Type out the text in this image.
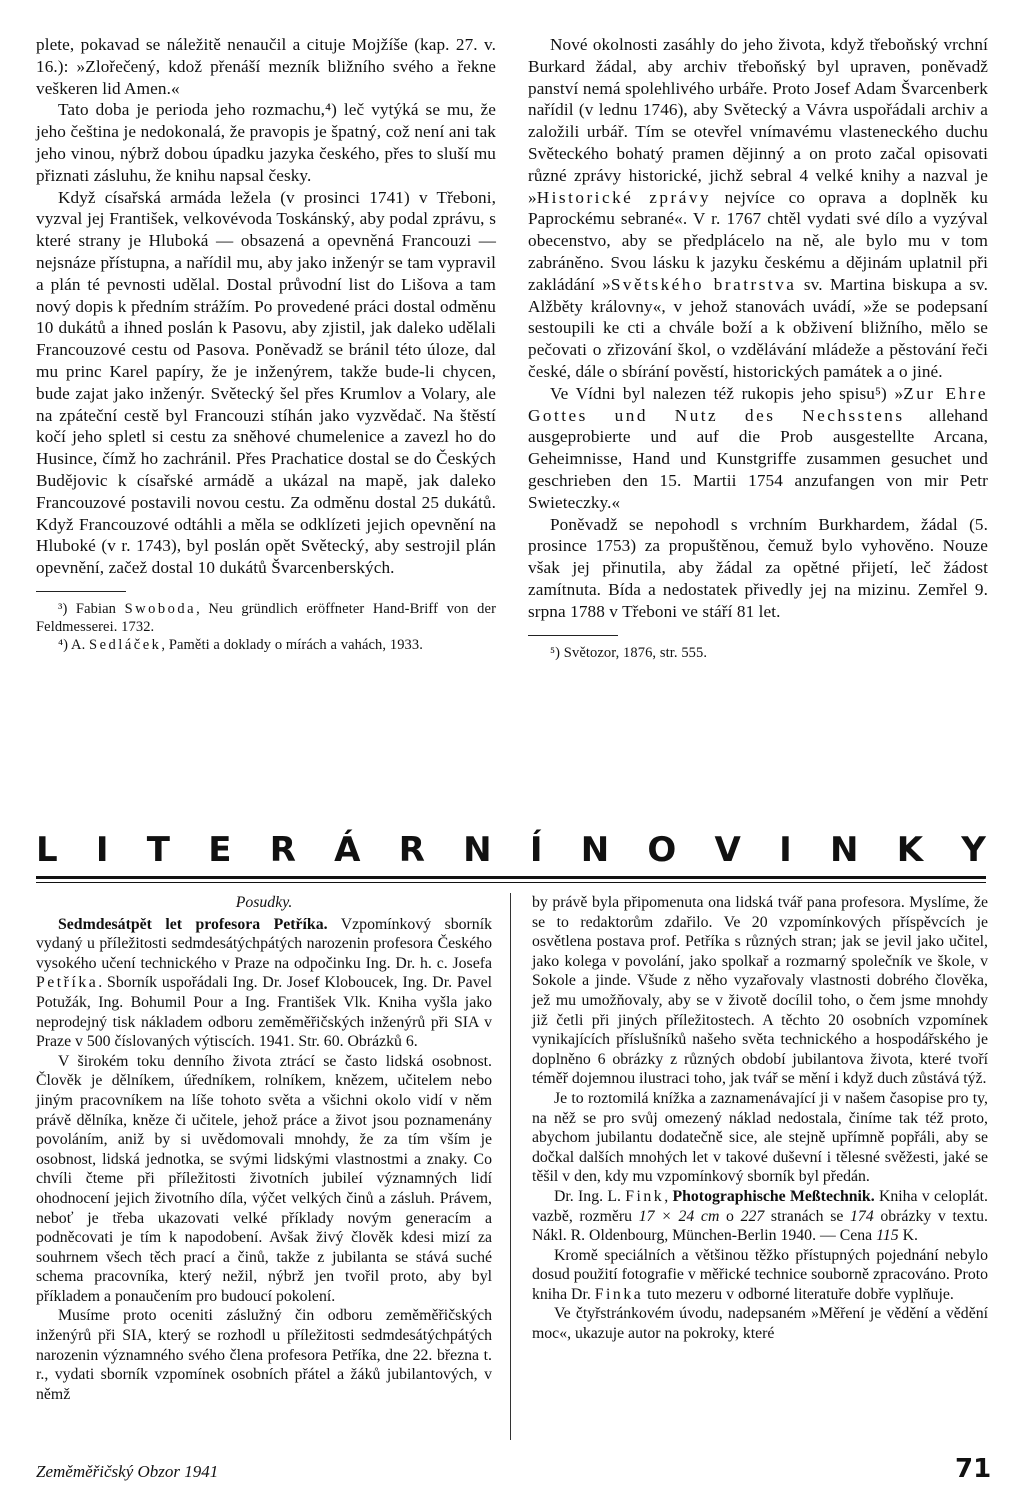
plete, pokavad se náležitě nenaučil a cituje Mojžíše (kap. 27. v. 16.): »Zlořečený, kdož přenáší mezník bližního svého a řekne veškeren lid Amen.«

Tato doba je perioda jeho rozmachu,⁴) leč vytýká se mu, že jeho čeština je nedokonalá, že pravopis je špatný, což není ani tak jeho vinou, nýbrž dobou úpadku jazyka českého, přes to sluší mu přiznati zásluhu, že knihu napsal česky.

Když císařská armáda ležela (v prosinci 1741) v Třeboni, vyzval jej František, velkovévoda Toskánský, aby podal zprávu, s které strany je Hluboká — obsazená a opevněná Francouzi — nejsnáze přístupna, a nařídil mu, aby jako inženýr se tam vypravil a plán té pevnosti udělal. Dostal průvodní list do Lišova a tam nový dopis k předním strážím. Po provedené práci dostal odměnu 10 dukátů a ihned poslán k Pasovu, aby zjistil, jak daleko udělali Francouzové cestu od Pasova. Poněvadž se bránil této úloze, dal mu princ Karel papíry, že je inženýrem, takže bude-li chycen, bude zajat jako inženýr. Světecký šel přes Krumlov a Volary, ale na zpáteční cestě byl Francouzi stíhán jako vyzvědač. Na štěstí kočí jeho spletl si cestu za sněhové chumelenice a zavezl ho do Husince, čímž ho zachránil. Přes Prachatice dostal se do Českých Budějovic k císařské armádě a ukázal na mapě, jak daleko Francouzové postavili novou cestu. Za odměnu dostal 25 dukátů. Když Francouzové odtáhli a měla se odklízeti jejich opevnění na Hluboké (v r. 1743), byl poslán opět Světecký, aby sestrojil plán opevnění, začež dostal 10 dukátů Švarcenberských.

³) Fabian Swoboda, Neu gründlich eröffneter Hand-Briff von der Feldmesserei. 1732.

⁴) A. Sedláček, Paměti a doklady o mírách a vahách, 1933.

Nové okolnosti zasáhly do jeho života, když třeboňský vrchní Burkard žádal, aby archiv třeboňský byl upraven, poněvadž panství nemá spolehlivého urbáře. Proto Josef Adam Švarcenberk nařídil (v lednu 1746), aby Světecký a Vávra uspořádali archiv a založili urbář. Tím se otevřel vnímavému vlasteneckého duchu Světeckého bohatý pramen dějinný a on proto začal opisovati různé zprávy historické, jichž sebral 4 velké knihy a nazval je »Historické zprávy nejvíce co oprava a doplněk ku Paprockému sebrané«. V r. 1767 chtěl vydati své dílo a vyzýval obecenstvo, aby se předplácelo na ně, ale bylo mu v tom zabráněno. Svou lásku k jazyku českému a dějinám uplatnil při zakládání »Světského bratrstva sv. Martina biskupa a sv. Alžběty královny«, v jehož stanovách uvádí, »že se podepsaní sestoupili ke cti a chvále boží a k obživení bližního, mělo se pečovati o zřizování škol, o vzdělávání mládeže a pěstování řeči české, dále o sbírání pověstí, historických památek a o jiné.

Ve Vídni byl nalezen též rukopis jeho spisu⁵) »Zur Ehre Gottes und Nutz des Nechsstens allehand ausgeprobierte und auf die Prob ausgestellte Arcana, Geheimnisse, Hand und Kunstgriffe zusammen gesuchet und geschrieben den 15. Martii 1754 anzufangen von mir Petr Swieteczky.«

Poněvadž se nepohodl s vrchním Burkhardem, žádal (5. prosince 1753) za propuštěnou, čemuž bylo vyhověno. Nouze však jej přinutila, aby žádal za opětné přijetí, leč žádost zamítnuta. Bída a nedostatek přivedly jej na mizinu. Zemřel 9. srpna 1788 v Třeboni ve stáří 81 let.

⁵) Světozor, 1876, str. 555.

L I T E R Á R N Í N O V I N K Y

Posudky.

Sedmdesátpět let profesora Petříka. Vzpomínkový sborník vydaný u příležitosti sedmdesátýchpátých narozenin profesora Českého vysokého učení technického v Praze na odpočinku Ing. Dr. h. c. Josefa Petříka. Sborník uspořádali Ing. Dr. Josef Kloboucek, Ing. Dr. Pavel Potužák, Ing. Bohumil Pour a Ing. František Vlk. Kniha vyšla jako neprodejný tisk nákladem odboru zeměměřičských inženýrů při SIA v Praze v 500 číslovaných výtiscích. 1941. Str. 60. Obrázků 6.

V širokém toku denního života ztrácí se často lidská osobnost. Člověk je dělníkem, úředníkem, rolníkem, knězem, učitelem nebo jiným pracovníkem na líše tohoto světa a všichni okolo vidí v něm právě dělníka, kněze či učitele, jehož práce a život jsou poznamenány povoláním, aniž by si uvědomovali mnohdy, že za tím vším je osobnost, lidská jednotka, se svými lidskými vlastnostmi a znaky. Co chvíli čteme při příležitosti životních jubileí významných lidí ohodnocení jejich životního díla, výčet velkých činů a zásluh. Právem, neboť je třeba ukazovati velké příklady novým generacím a podněcovati je tím k napodobení. Avšak živý člověk kdesi mizí za souhrnem všech těch prací a činů, takže z jubilanta se stává suché schema pracovníka, který nežil, nýbrž jen tvořil proto, aby byl příkladem a ponaučením pro budoucí pokolení.

Musíme proto oceniti záslužný čin odboru zeměměřičských inženýrů při SIA, který se rozhodl u příležitosti sedmdesátýchpátých narozenin významného svého člena profesora Petříka, dne 22. března t. r., vydati sborník vzpomínek osobních přátel a žáků jubilantových, v němž

by právě byla připomenuta ona lidská tvář pana profesora. Myslíme, že se to redaktorům zdařilo. Ve 20 vzpomínkových příspěvcích je osvětlena postava prof. Petříka s různých stran; jak se jevil jako učitel, jako kolega v povolání, jako spolkař a rozmarný společník ve škole, v Sokole a jinde. Všude z něho vyzařovaly vlastnosti dobrého člověka, jež mu umožňovaly, aby se v životě docílil toho, o čem jsme mnohdy již četli při jiných příležitostech. A těchto 20 osobních vzpomínek vynikajících příslušníků našeho světa technického a hospodářského je doplněno 6 obrázky z různých období jubilantova života, které tvoří téměř dojemnou ilustraci toho, jak tvář se mění i když duch zůstává týž.

Je to roztomilá knížka a zaznamenávající ji v našem časopise pro ty, na něž se pro svůj omezený náklad nedostala, činíme tak též proto, abychom jubilantu dodatečně sice, ale stejně upřímně popřáli, aby se dočkal dalších mnohých let v takové duševní i tělesné svěžesti, jaké se těšil v den, kdy mu vzpomínkový sborník byl předán.

Dr. Ing. L. Fink, Photographische Meßtechnik. Kniha v celoplát. vazbě, rozměru 17 × 24 cm o 227 stranách se 174 obrázky v textu. Nákl. R. Oldenbourg, München-Berlin 1940. — Cena 115 K.

Kromě speciálních a většinou těžko přístupných pojednání nebylo dosud použití fotografie v měřické technice souborně zpracováno. Proto kniha Dr. Finka tuto mezeru v odborné literatuře dobře vyplňuje.

Ve čtyřstránkovém úvodu, nadepsaném »Měření je vědění a vědění moc«, ukazuje autor na pokroky, které

Zeměměřičský Obzor 1941	71
